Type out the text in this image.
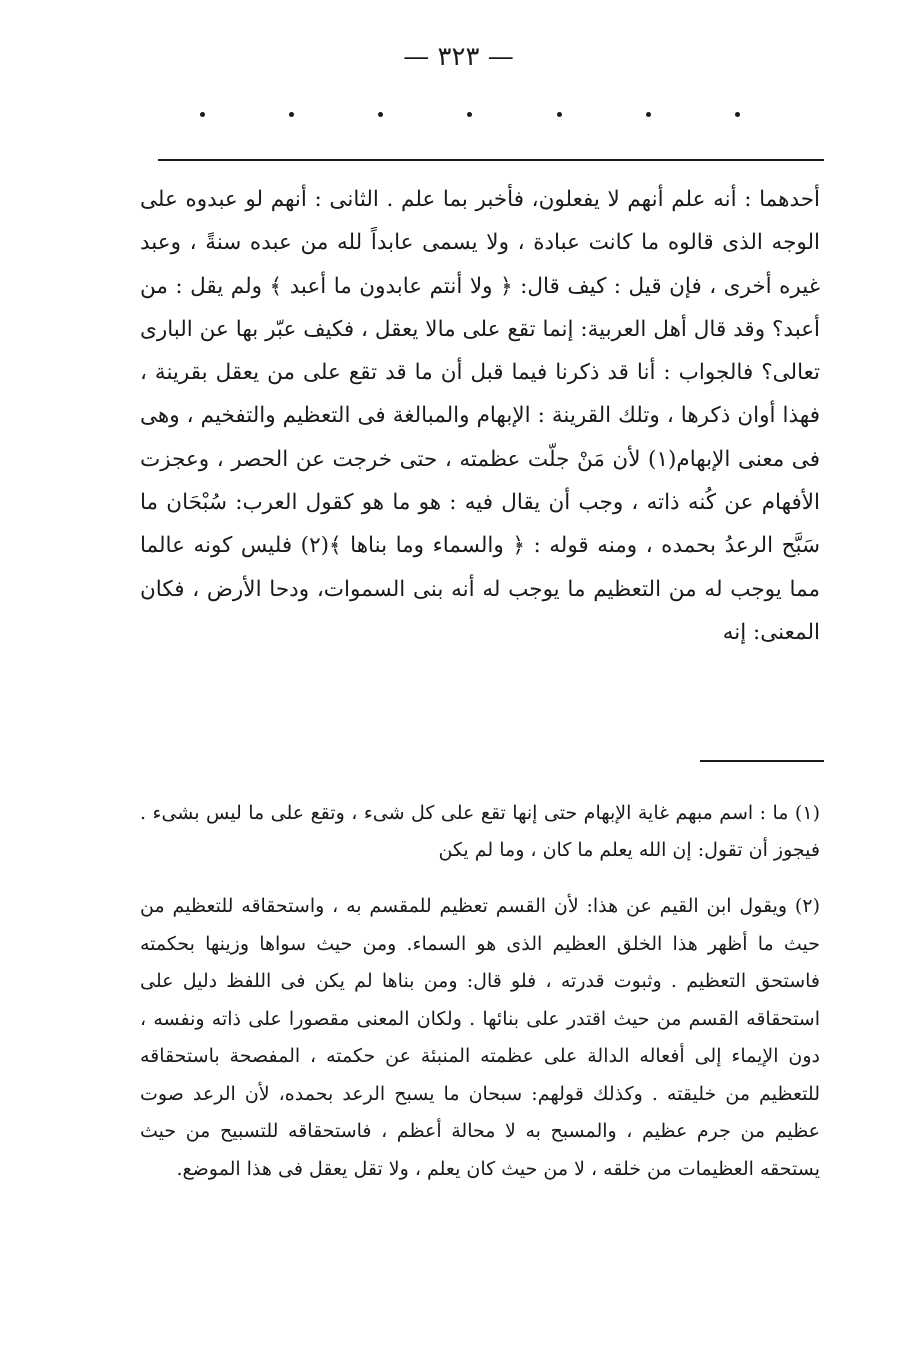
— ٣٢٣ —

أحدهما : أنه علم أنهم لا يفعلون، فأخبر بما علم . الثانى : أنهم لو عبدوه على الوجه الذى قالوه ما كانت عبادة ، ولا يسمى عابداً لله من عبده سنةً ، وعبد غيره أخرى ، فإن قيل : كيف قال: ﴿ ولا أنتم عابدون ما أعبد ﴾ ولم يقل : من أعبد؟ وقد قال أهل العربية: إنما تقع على مالا يعقل ، فكيف عبّر بها عن البارى تعالى؟ فالجواب : أنا قد ذكرنا فيما قبل أن ما قد تقع على من يعقل بقرينة ، فهذا أوان ذكرها ، وتلك القرينة : الإبهام والمبالغة فى التعظيم والتفخيم ، وهى فى معنى الإبهام(١) لأن مَنْ جلّت عظمته ، حتى خرجت عن الحصر ، وعجزت الأفهام عن كُنه ذاته ، وجب أن يقال فيه : هو ما هو كقول العرب: سُبْحَان ما سَبَّح الرعدُ بحمده ، ومنه قوله : ﴿ والسماء وما بناها ﴾(٢) فليس كونه عالما مما يوجب له من التعظيم ما يوجب له أنه بنى السموات، ودحا الأرض ، فكان المعنى: إنه

(١) ما : اسم مبهم غاية الإبهام حتى إنها تقع على كل شىء ، وتقع على ما ليس بشىء . فيجوز أن تقول: إن الله يعلم ما كان ، وما لم يكن

(٢) ويقول ابن القيم عن هذا: لأن القسم تعظيم للمقسم به ، واستحقاقه للتعظيم من حيث ما أظهر هذا الخلق العظيم الذى هو السماء. ومن حيث سواها وزينها بحكمته فاستحق التعظيم . وثبوت قدرته ، فلو قال: ومن بناها لم يكن فى اللفظ دليل على استحقاقه القسم من حيث اقتدر على بنائها . ولكان المعنى مقصورا على ذاته ونفسه ، دون الإيماء إلى أفعاله الدالة على عظمته المنبئة عن حكمته ، المفصحة باستحقاقه للتعظيم من خليقته . وكذلك قولهم: سبحان ما يسبح الرعد بحمده، لأن الرعد صوت عظيم من جرم عظيم ، والمسبح به لا محالة أعظم ، فاستحقاقه للتسبيح من حيث يستحقه العظيمات من خلقه ، لا من حيث كان يعلم ، ولا تقل يعقل فى هذا الموضع.
